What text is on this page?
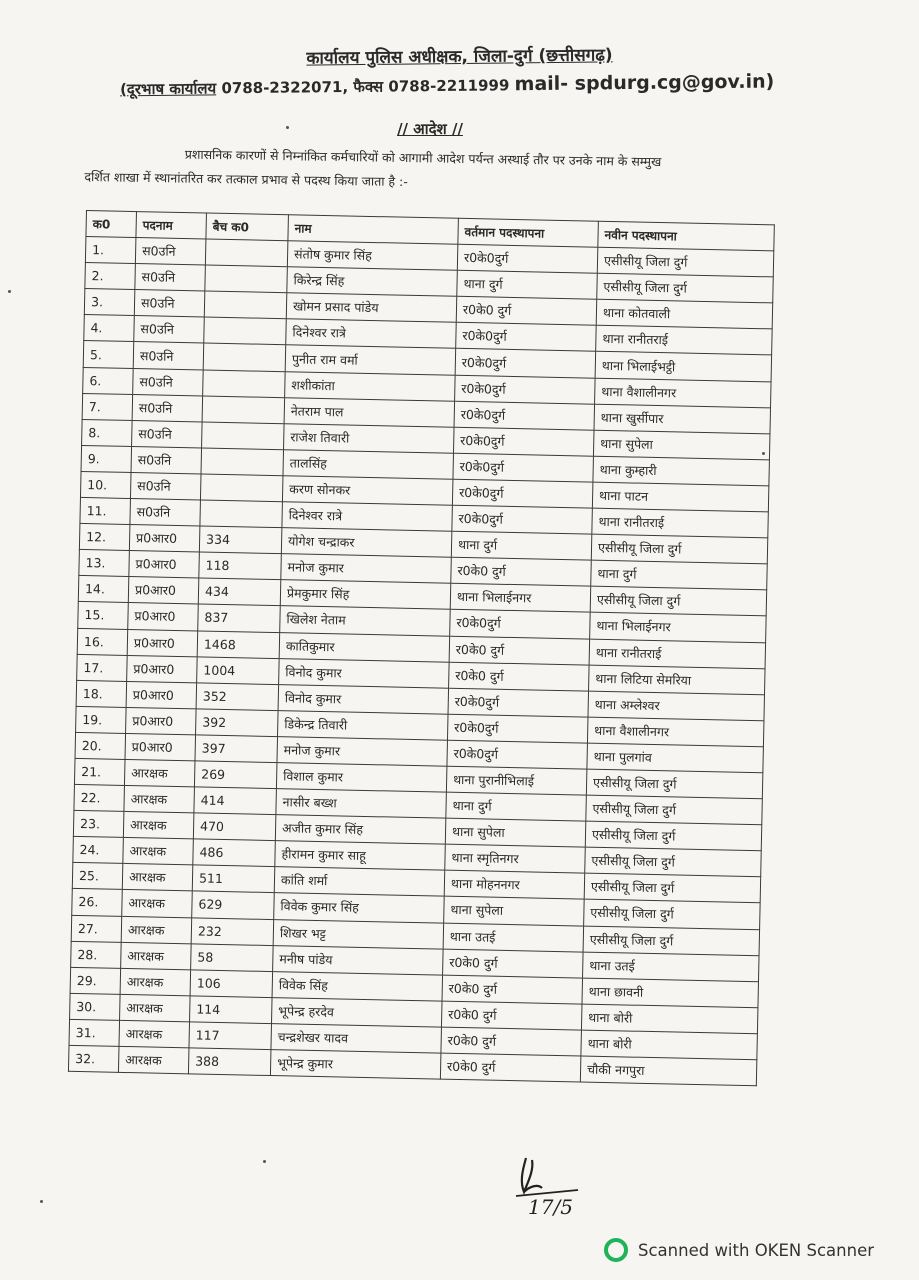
कार्यालय पुलिस अधीक्षक, जिला-दुर्ग (छत्तीसगढ़)
(दूरभाष कार्यालय 0788-2322071, फैक्स 0788-2211999 mail- spdurg.cg@gov.in)
// आदेश //
प्रशासनिक कारणों से निम्नांकित कर्मचारियों को आगामी आदेश पर्यन्त अस्थाई तौर पर उनके नाम के सम्मुख
दर्शित शाखा में स्थानांतरित कर तत्काल प्रभाव से पदस्थ किया जाता है :-
क0	पदनाम	बैच क0	नाम	वर्तमान पदस्थापना	नवीन पदस्थापना
1.	स0उनि		संतोष कुमार सिंह	र0के0दुर्ग	एसीसीयू जिला दुर्ग
2.	स0उनि		किरेन्द्र सिंह	थाना दुर्ग	एसीसीयू जिला दुर्ग
3.	स0उनि		खोमन प्रसाद पांडेय	र0के0 दुर्ग	थाना कोतवाली
4.	स0उनि		दिनेश्वर रात्रे	र0के0दुर्ग	थाना रानीतराई
5.	स0उनि		पुनीत राम वर्मा	र0के0दुर्ग	थाना भिलाईभट्ठी
6.	स0उनि		शशीकांता	र0के0दुर्ग	थाना वैशालीनगर
7.	स0उनि		नेतराम पाल	र0के0दुर्ग	थाना खुर्सीपार
8.	स0उनि		राजेश तिवारी	र0के0दुर्ग	थाना सुपेला
9.	स0उनि		तालसिंह	र0के0दुर्ग	थाना कुम्हारी
10.	स0उनि		करण सोनकर	र0के0दुर्ग	थाना पाटन
11.	स0उनि		दिनेश्वर रात्रे	र0के0दुर्ग	थाना रानीतराई
12.	प्र0आर0	334	योगेश चन्द्राकर	थाना दुर्ग	एसीसीयू जिला दुर्ग
13.	प्र0आर0	118	मनोज कुमार	र0के0 दुर्ग	थाना दुर्ग
14.	प्र0आर0	434	प्रेमकुमार सिंह	थाना भिलाईनगर	एसीसीयू जिला दुर्ग
15.	प्र0आर0	837	खिलेश नेताम	र0के0दुर्ग	थाना भिलाईनगर
16.	प्र0आर0	1468	कातिकुमार	र0के0 दुर्ग	थाना रानीतराई
17.	प्र0आर0	1004	विनोद कुमार	र0के0 दुर्ग	थाना लिटिया सेमरिया
18.	प्र0आर0	352	विनोद कुमार	र0के0दुर्ग	थाना अम्लेश्वर
19.	प्र0आर0	392	डिकेन्द्र तिवारी	र0के0दुर्ग	थाना वैशालीनगर
20.	प्र0आर0	397	मनोज कुमार	र0के0दुर्ग	थाना पुलगांव
21.	आरक्षक	269	विशाल कुमार	थाना पुरानीभिलाई	एसीसीयू जिला दुर्ग
22.	आरक्षक	414	नासीर बख्श	थाना दुर्ग	एसीसीयू जिला दुर्ग
23.	आरक्षक	470	अजीत कुमार सिंह	थाना सुपेला	एसीसीयू जिला दुर्ग
24.	आरक्षक	486	हीरामन कुमार साहू	थाना स्मृतिनगर	एसीसीयू जिला दुर्ग
25.	आरक्षक	511	कांति शर्मा	थाना मोहननगर	एसीसीयू जिला दुर्ग
26.	आरक्षक	629	विवेक कुमार सिंह	थाना सुपेला	एसीसीयू जिला दुर्ग
27.	आरक्षक	232	शिखर भट्ट	थाना उतई	एसीसीयू जिला दुर्ग
28.	आरक्षक	58	मनीष पांडेय	र0के0 दुर्ग	थाना उतई
29.	आरक्षक	106	विवेक सिंह	र0के0 दुर्ग	थाना छावनी
30.	आरक्षक	114	भूपेन्द्र हरदेव	र0के0 दुर्ग	थाना बोरी
31.	आरक्षक	117	चन्द्रशेखर यादव	र0के0 दुर्ग	थाना बोरी
32.	आरक्षक	388	भूपेन्द्र कुमार	र0के0 दुर्ग	चौकी नगपुरा
17/5
Scanned with OKEN Scanner
